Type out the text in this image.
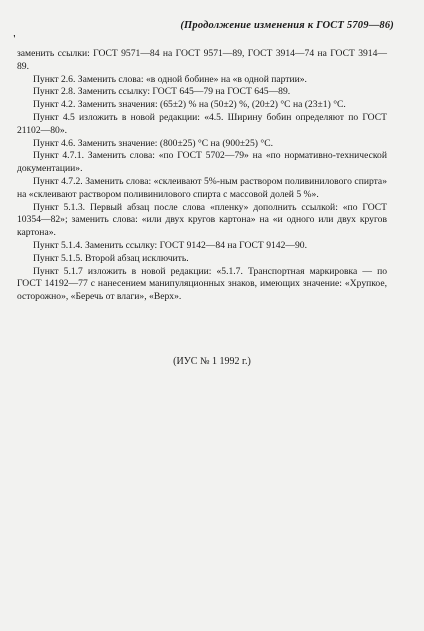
(Продолжение изменения к ГОСТ 5709—86)
'

заменить ссылки: ГОСТ 9571—84 на ГОСТ 9571—89, ГОСТ 3914—74 на ГОСТ 3914—89.

Пункт 2.6. Заменить слова: «в одной бобине» на «в одной партии».

Пункт 2.8. Заменить ссылку: ГОСТ 645—79 на ГОСТ 645—89.

Пункт 4.2. Заменить значения: (65±2) % на (50±2) %, (20±2) °С на (23±1) °С.

Пункт 4.5 изложить в новой редакции: «4.5. Ширину бобин определяют по ГОСТ 21102—80».

Пункт 4.6. Заменить значение: (800±25) °С на (900±25) °С.

Пункт 4.7.1. Заменить слова: «по ГОСТ 5702—79» на «по нормативно-технической документации».

Пункт 4.7.2. Заменить слова: «склеивают 5%-ным раствором поливинилового спирта» на «склеивают раствором поливинилового спирта с массовой долей 5 %».

Пункт 5.1.3. Первый абзац после слова «пленку» дополнить ссылкой: «по ГОСТ 10354—82»; заменить слова: «или двух кругов картона» на «и одного или двух кругов картона».

Пункт 5.1.4. Заменить ссылку: ГОСТ 9142—84 на ГОСТ 9142—90.

Пункт 5.1.5. Второй абзац исключить.

Пункт 5.1.7 изложить в новой редакции: «5.1.7. Транспортная маркировка — по ГОСТ 14192—77 с нанесением манипуляционных знаков, имеющих значение: «Хрупкое, осторожно», «Беречь от влаги», «Верх».

(ИУС № 1 1992 г.)
